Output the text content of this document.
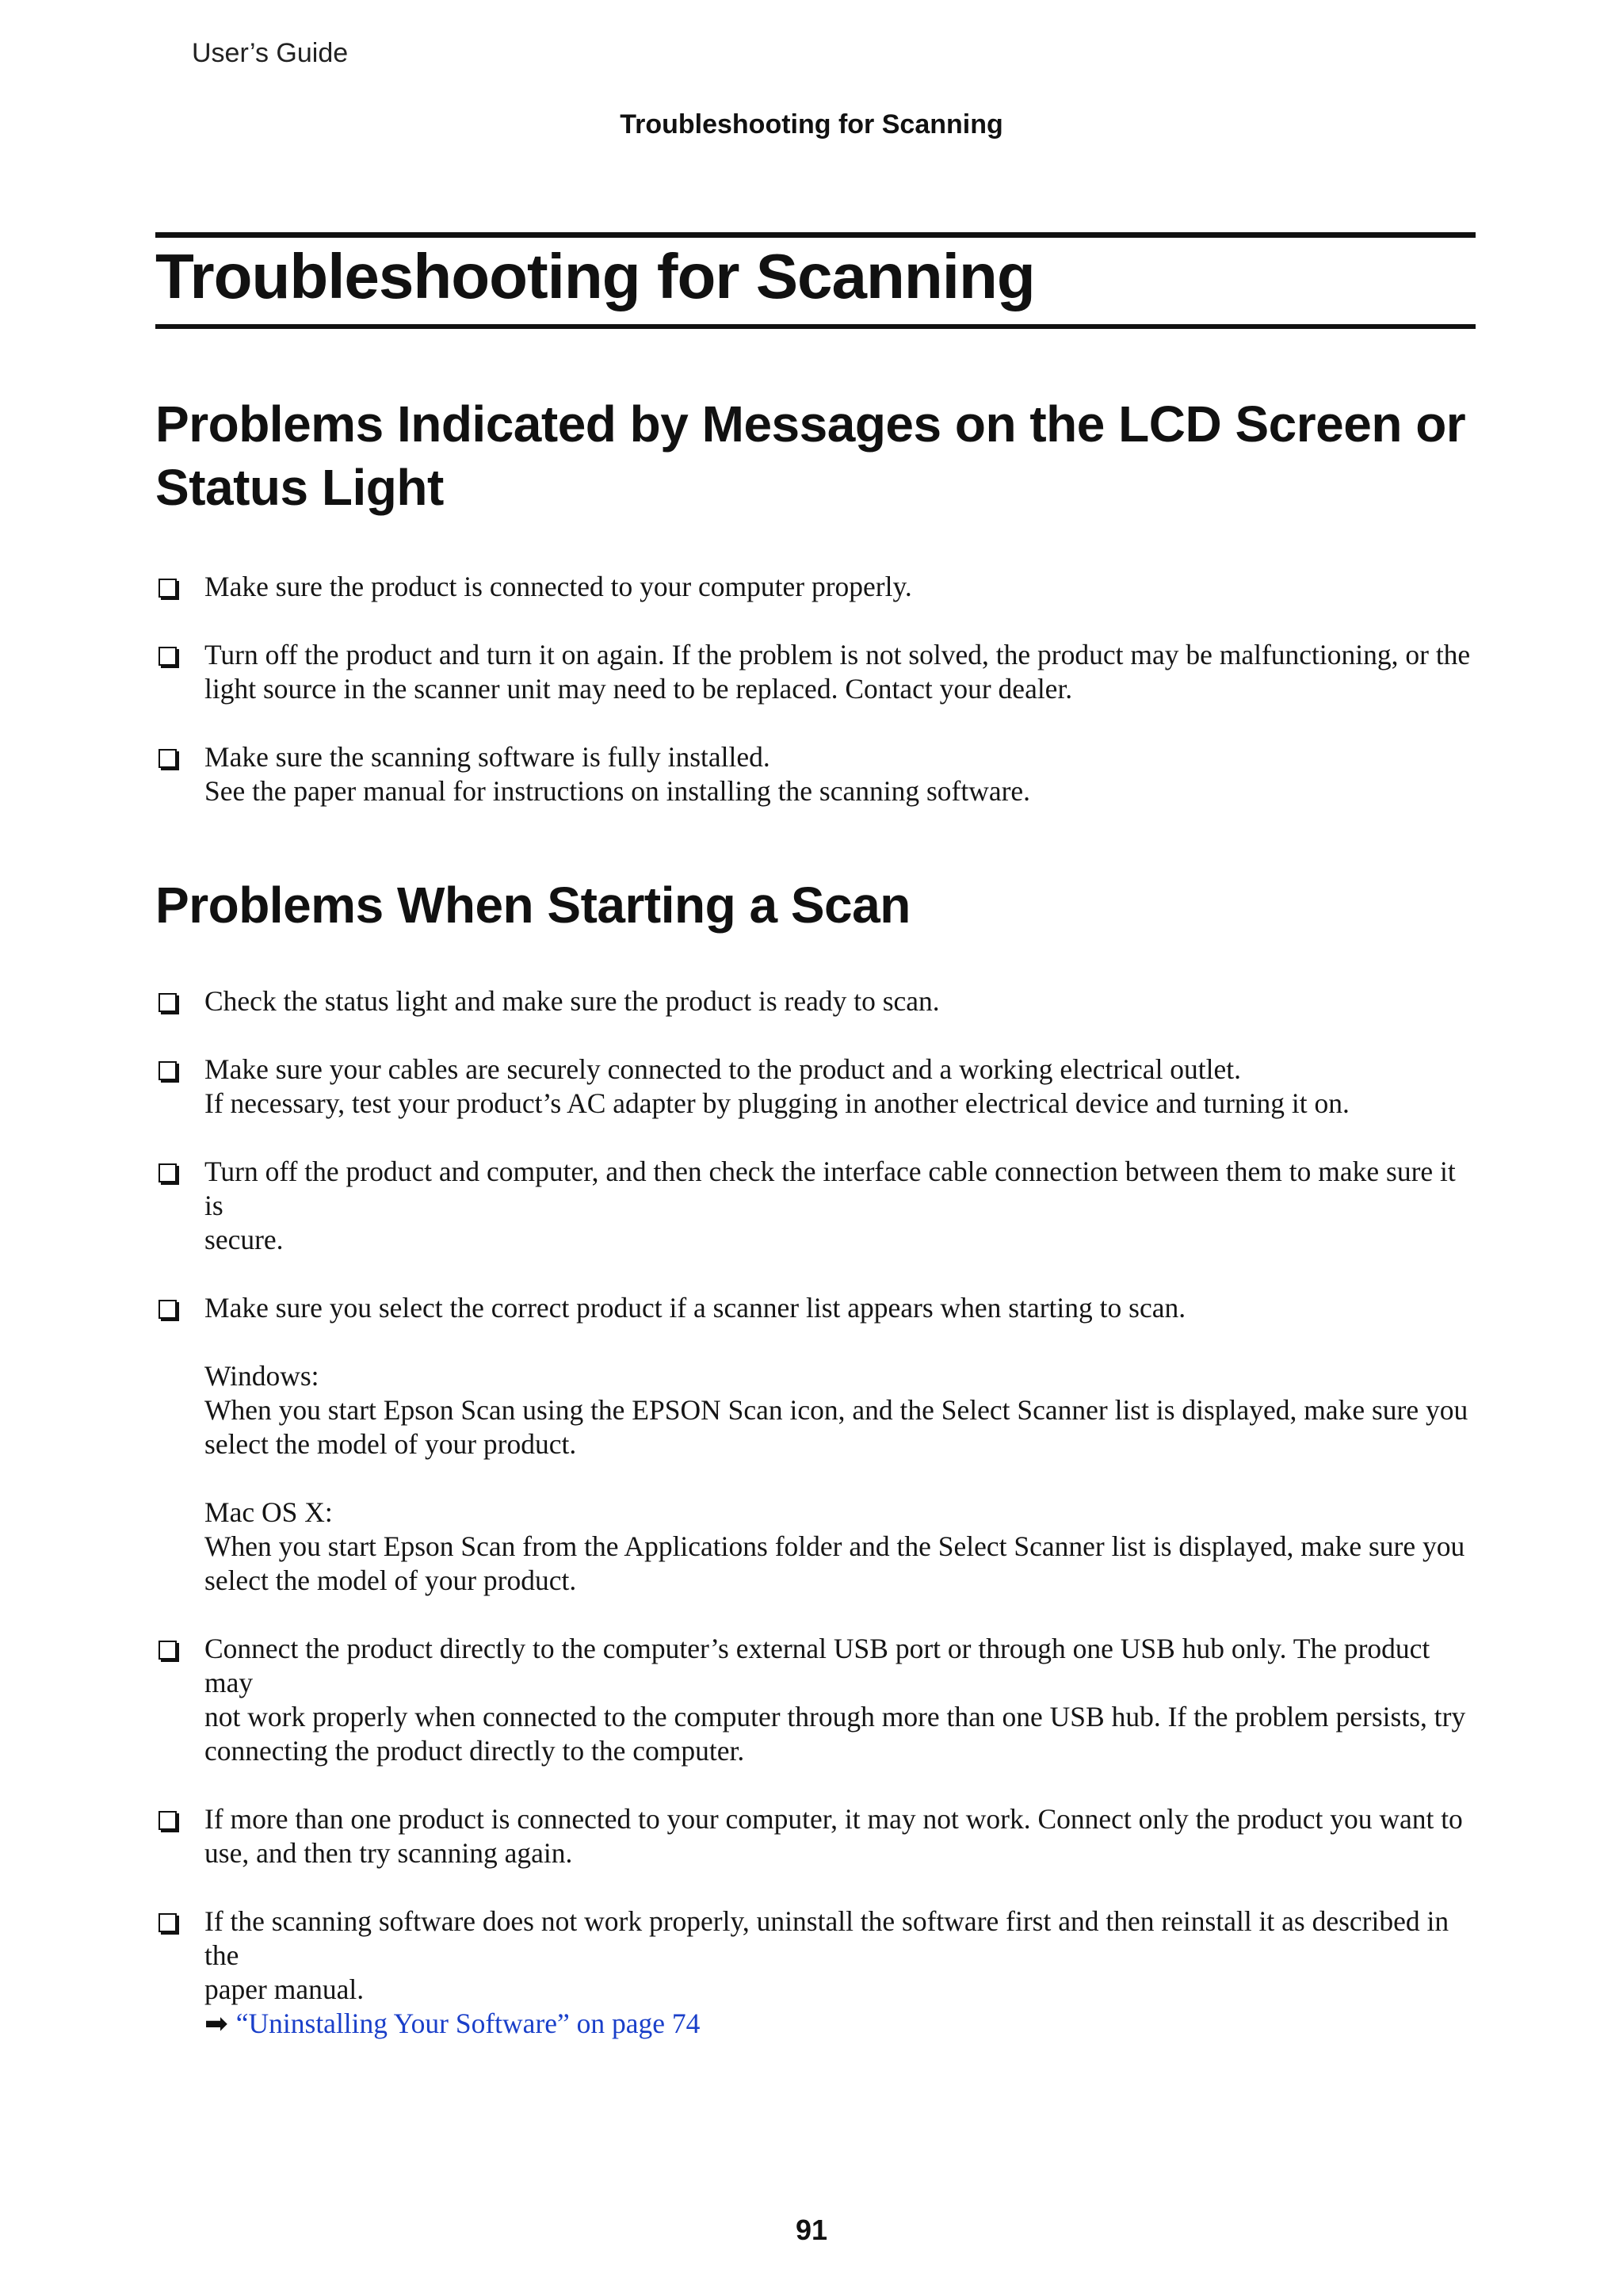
User’s Guide
Troubleshooting for Scanning
Troubleshooting for Scanning
Problems Indicated by Messages on the LCD Screen or
Status Light
Make sure the product is connected to your computer properly.
Turn off the product and turn it on again. If the problem is not solved, the product may be malfunctioning, or the
light source in the scanner unit may need to be replaced. Contact your dealer.
Make sure the scanning software is fully installed.
See the paper manual for instructions on installing the scanning software.
Problems When Starting a Scan
Check the status light and make sure the product is ready to scan.
Make sure your cables are securely connected to the product and a working electrical outlet.
If necessary, test your product’s AC adapter by plugging in another electrical device and turning it on.
Turn off the product and computer, and then check the interface cable connection between them to make sure it is
secure.
Make sure you select the correct product if a scanner list appears when starting to scan.
Windows:
When you start Epson Scan using the EPSON Scan icon, and the Select Scanner list is displayed, make sure you
select the model of your product.
Mac OS X:
When you start Epson Scan from the Applications folder and the Select Scanner list is displayed, make sure you
select the model of your product.
Connect the product directly to the computer’s external USB port or through one USB hub only. The product may
not work properly when connected to the computer through more than one USB hub. If the problem persists, try
connecting the product directly to the computer.
If more than one product is connected to your computer, it may not work. Connect only the product you want to
use, and then try scanning again.
If the scanning software does not work properly, uninstall the software first and then reinstall it as described in the
paper manual.
➡ “Uninstalling Your Software” on page 74
91
